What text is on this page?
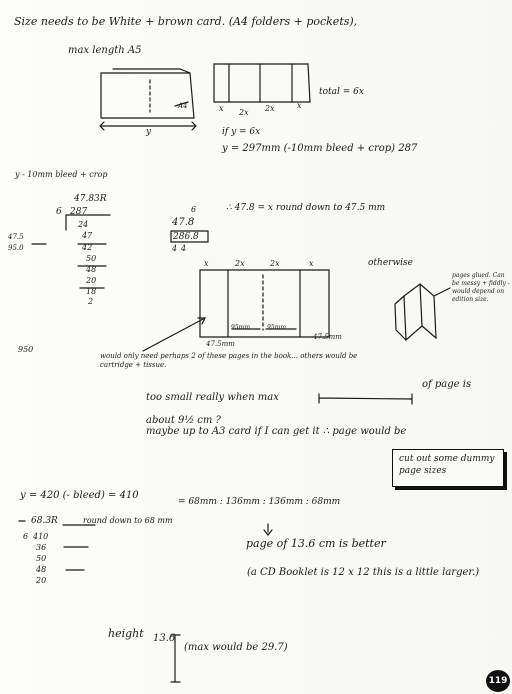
Size needs to be White + brown card. (A4 folders + pockets),
max length A5
A4
y
x 2x 2x	x
total = 6x
if y = 6x
y = 297mm (-10mm bleed + crop) 287
y - 10mm bleed + crop
47.83R
6 287
24
47
42
50
48
20
18
2
47.5
95.0
6
47.8
286.8
4 4
∴ 47.8 = x round down to 47.5 mm
x	2x	2x	x
95mm	95mm
47.5mm
47.5mm
otherwise
pages glued. Can be messy + fiddly - would depend on edition size.
950
would only need perhaps 2 of these pages in the book... others would be cartridge + tissue.
too small really when max
of page is
about 9½ cm ?
maybe up to A3 card if I can get it ∴ page would be
cut out some dummy page sizes
y = 420 (- bleed) = 410
= 68mm : 136mm : 136mm : 68mm
68.3R	round down to 68 mm
6 410
36
50
48
20
page of 13.6 cm is better
(a CD Booklet is 12 x 12 this is a little larger.)
height 13.6
(max would be 29.7)
119
